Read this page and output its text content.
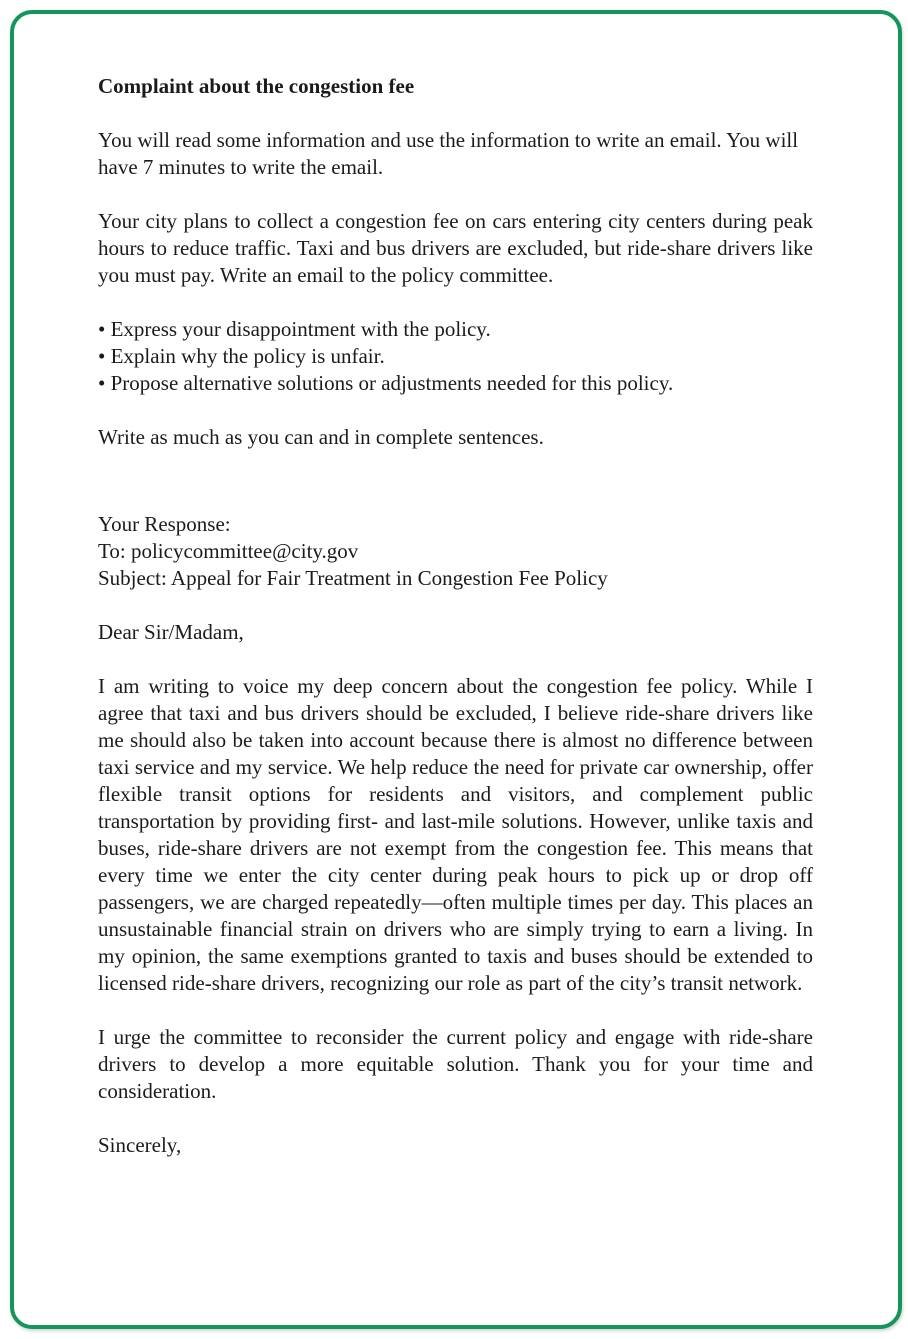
Complaint about the congestion fee

You will read some information and use the information to write an email. You will have 7 minutes to write the email.

Your city plans to collect a congestion fee on cars entering city centers during peak hours to reduce traffic. Taxi and bus drivers are excluded, but ride-share drivers like you must pay. Write an email to the policy committee.

• Express your disappointment with the policy.
• Explain why the policy is unfair.
• Propose alternative solutions or adjustments needed for this policy.

Write as much as you can and in complete sentences.

Your Response:
To: policycommittee@city.gov
Subject: Appeal for Fair Treatment in Congestion Fee Policy

Dear Sir/Madam,

I am writing to voice my deep concern about the congestion fee policy. While I agree that taxi and bus drivers should be excluded, I believe ride-share drivers like me should also be taken into account because there is almost no difference between taxi service and my service. We help reduce the need for private car ownership, offer flexible transit options for residents and visitors, and complement public transportation by providing first- and last-mile solutions. However, unlike taxis and buses, ride-share drivers are not exempt from the congestion fee. This means that every time we enter the city center during peak hours to pick up or drop off passengers, we are charged repeatedly—often multiple times per day. This places an unsustainable financial strain on drivers who are simply trying to earn a living. In my opinion, the same exemptions granted to taxis and buses should be extended to licensed ride-share drivers, recognizing our role as part of the city’s transit network.

I urge the committee to reconsider the current policy and engage with ride-share drivers to develop a more equitable solution. Thank you for your time and consideration.

Sincerely,
